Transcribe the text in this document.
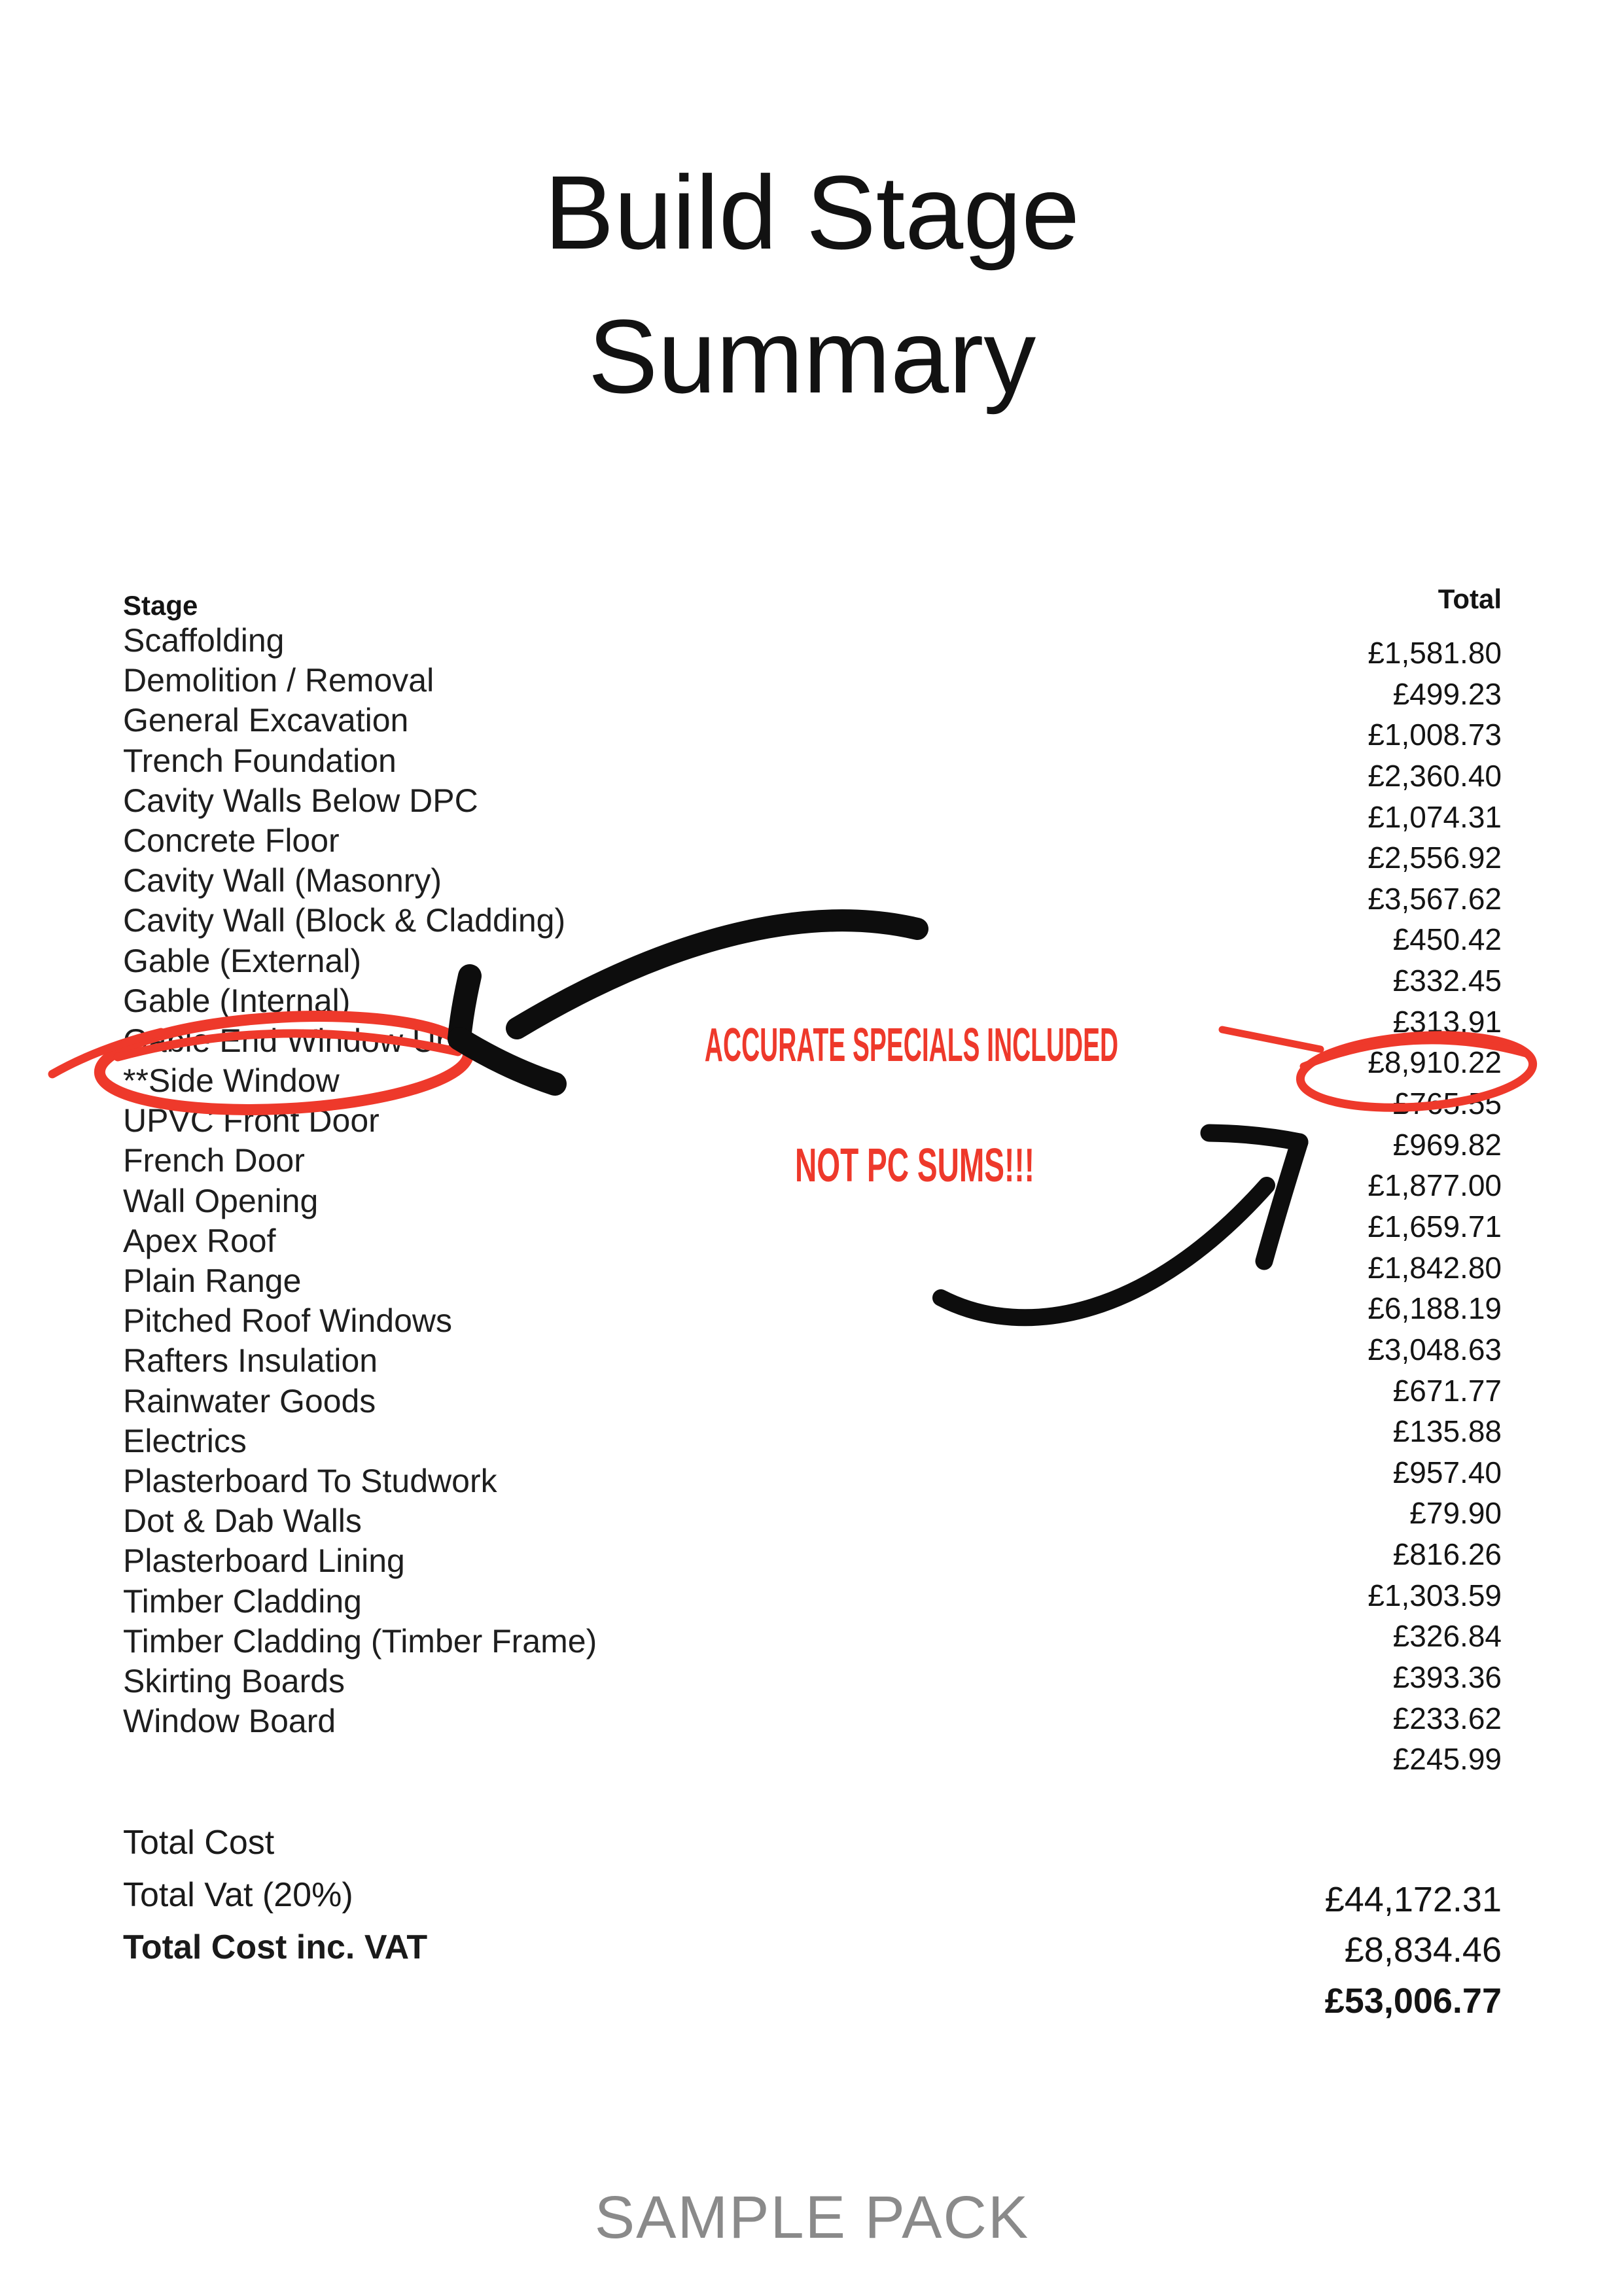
Build Stage
Summary
Stage	Total
Scaffolding
Demolition / Removal
General Excavation
Trench Foundation
Cavity Walls Below DPC
Concrete Floor
Cavity Wall (Masonry)
Cavity Wall (Block & Cladding)
Gable (External)
Gable (Internal)
Gable End Window Unit
**Side Window
UPVC Front Door
French Door
Wall Opening
Apex Roof
Plain Range
Pitched Roof Windows
Rafters Insulation
Rainwater Goods
Electrics
Plasterboard To Studwork
Dot & Dab Walls
Plasterboard Lining
Timber Cladding
Timber Cladding (Timber Frame)
Skirting Boards
Window Board
£1,581.80
£499.23
£1,008.73
£2,360.40
£1,074.31
£2,556.92
£3,567.62
£450.42
£332.45
£313.91
£8,910.22
£765.55
£969.82
£1,877.00
£1,659.71
£1,842.80
£6,188.19
£3,048.63
£671.77
£135.88
£957.40
£79.90
£816.26
£1,303.59
£326.84
£393.36
£233.62
£245.99
Total Cost
Total Vat (20%)
Total Cost inc. VAT
£44,172.31
£8,834.46
£53,006.77
ACCURATE SPECIALS INCLUDED
NOT PC SUMS!!!
SAMPLE PACK
